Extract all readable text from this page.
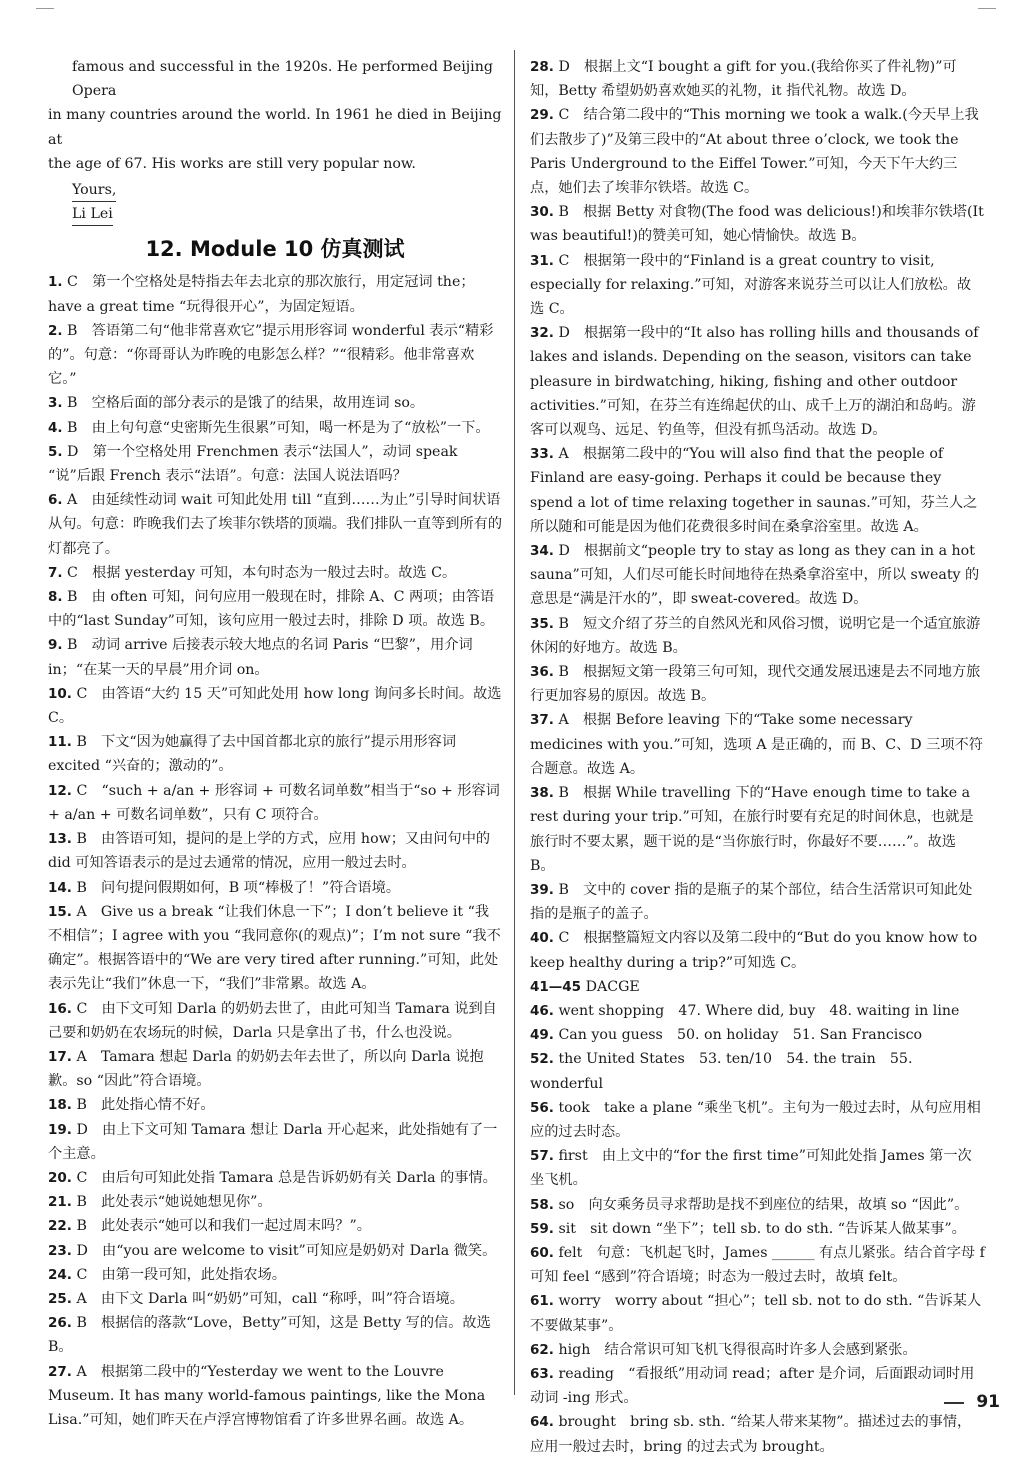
famous and successful in the 1920s. He performed Beijing Opera

in many countries around the world. In 1961 he died in Beijing at

the age of 67. His works are still very popular now.

Yours,

Li Lei

12. Module 10 仿真测试

1. C　第一个空格处是特指去年去北京的那次旅行，用定冠词 the；have a great time “玩得很开心”，为固定短语。

2. B　答语第二句“他非常喜欢它”提示用形容词 wonderful 表示“精彩的”。句意：“你哥哥认为昨晚的电影怎么样？”“很精彩。他非常喜欢它。”

3. B　空格后面的部分表示的是饿了的结果，故用连词 so。

4. B　由上句句意“史密斯先生很累”可知，喝一杯是为了“放松”一下。

5. D　第一个空格处用 Frenchmen 表示“法国人”，动词 speak “说”后跟 French 表示“法语”。句意：法国人说法语吗？

6. A　由延续性动词 wait 可知此处用 till “直到……为止”引导时间状语从句。句意：昨晚我们去了埃菲尔铁塔的顶端。我们排队一直等到所有的灯都亮了。

7. C　根据 yesterday 可知，本句时态为一般过去时。故选 C。

8. B　由 often 可知，问句应用一般现在时，排除 A、C 两项；由答语中的“last Sunday”可知，该句应用一般过去时，排除 D 项。故选 B。

9. B　动词 arrive 后接表示较大地点的名词 Paris “巴黎”，用介词 in；“在某一天的早晨”用介词 on。

10. C　由答语“大约 15 天”可知此处用 how long 询问多长时间。故选 C。

11. B　下文“因为她赢得了去中国首都北京的旅行”提示用形容词 excited “兴奋的；激动的”。

12. C　“such + a/an + 形容词 + 可数名词单数”相当于“so + 形容词 + a/an + 可数名词单数”，只有 C 项符合。

13. B　由答语可知，提问的是上学的方式，应用 how；又由问句中的 did 可知答语表示的是过去通常的情况，应用一般过去时。

14. B　问句提问假期如何，B 项“棒极了！”符合语境。

15. A　Give us a break “让我们休息一下”；I don’t believe it “我不相信”；I agree with you “我同意你(的观点)”；I’m not sure “我不确定”。根据答语中的“We are very tired after running.”可知，此处表示先让“我们”休息一下，“我们”非常累。故选 A。

16. C　由下文可知 Darla 的奶奶去世了，由此可知当 Tamara 说到自己要和奶奶在农场玩的时候，Darla 只是拿出了书，什么也没说。

17. A　Tamara 想起 Darla 的奶奶去年去世了，所以向 Darla 说抱歉。so “因此”符合语境。

18. B　此处指心情不好。

19. D　由上下文可知 Tamara 想让 Darla 开心起来，此处指她有了一个主意。

20. C　由后句可知此处指 Tamara 总是告诉奶奶有关 Darla 的事情。

21. B　此处表示“她说她想见你”。

22. B　此处表示“她可以和我们一起过周末吗？”。

23. D　由“you are welcome to visit”可知应是奶奶对 Darla 微笑。

24. C　由第一段可知，此处指农场。

25. A　由下文 Darla 叫“奶奶”可知，call “称呼，叫”符合语境。

26. B　根据信的落款“Love，Betty”可知，这是 Betty 写的信。故选 B。

27. A　根据第二段中的“Yesterday we went to the Louvre Museum. It has many world-famous paintings, like the Mona Lisa.”可知，她们昨天在卢浮宫博物馆看了许多世界名画。故选 A。

28. D　根据上文“I bought a gift for you.(我给你买了件礼物)”可知，Betty 希望奶奶喜欢她买的礼物，it 指代礼物。故选 D。

29. C　结合第二段中的“This morning we took a walk.(今天早上我们去散步了)”及第三段中的“At about three o’clock, we took the Paris Underground to the Eiffel Tower.”可知，今天下午大约三点，她们去了埃菲尔铁塔。故选 C。

30. B　根据 Betty 对食物(The food was delicious!)和埃菲尔铁塔(It was beautiful!)的赞美可知，她心情愉快。故选 B。

31. C　根据第一段中的“Finland is a great country to visit, especially for relaxing.”可知，对游客来说芬兰可以让人们放松。故选 C。

32. D　根据第一段中的“It also has rolling hills and thousands of lakes and islands. Depending on the season, visitors can take pleasure in birdwatching, hiking, fishing and other outdoor activities.”可知，在芬兰有连绵起伏的山、成千上万的湖泊和岛屿。游客可以观鸟、远足、钓鱼等，但没有抓鸟活动。故选 D。

33. A　根据第二段中的“You will also find that the people of Finland are easy-going. Perhaps it could be because they spend a lot of time relaxing together in saunas.”可知，芬兰人之所以随和可能是因为他们花费很多时间在桑拿浴室里。故选 A。

34. D　根据前文“people try to stay as long as they can in a hot sauna”可知，人们尽可能长时间地待在热桑拿浴室中，所以 sweaty 的意思是“满是汗水的”，即 sweat-covered。故选 D。

35. B　短文介绍了芬兰的自然风光和风俗习惯，说明它是一个适宜旅游休闲的好地方。故选 B。

36. B　根据短文第一段第三句可知，现代交通发展迅速是去不同地方旅行更加容易的原因。故选 B。

37. A　根据 Before leaving 下的“Take some necessary medicines with you.”可知，选项 A 是正确的，而 B、C、D 三项不符合题意。故选 A。

38. B　根据 While travelling 下的“Have enough time to take a rest during your trip.”可知，在旅行时要有充足的时间休息，也就是旅行时不要太累，题干说的是“当你旅行时，你最好不要……”。故选 B。

39. B　文中的 cover 指的是瓶子的某个部位，结合生活常识可知此处指的是瓶子的盖子。

40. C　根据整篇短文内容以及第二段中的“But do you know how to keep healthy during a trip?”可知选 C。

41—45 DACGE

46. went shopping　47. Where did, buy　48. waiting in line

49. Can you guess　50. on holiday　51. San Francisco

52. the United States　53. ten/10　54. the train　55. wonderful

56. took　take a plane “乘坐飞机”。主句为一般过去时，从句应用相应的过去时态。

57. first　由上文中的“for the first time”可知此处指 James 第一次坐飞机。

58. so　向女乘务员寻求帮助是找不到座位的结果，故填 so “因此”。

59. sit　sit down “坐下”；tell sb. to do sth. “告诉某人做某事”。

60. felt　句意：飞机起飞时，James ______ 有点儿紧张。结合首字母 f 可知 feel “感到”符合语境；时态为一般过去时，故填 felt。

61. worry　worry about “担心”；tell sb. not to do sth. “告诉某人不要做某事”。

62. high　结合常识可知飞机飞得很高时许多人会感到紧张。

63. reading　“看报纸”用动词 read；after 是介词，后面跟动词时用动词 -ing 形式。

64. brought　bring sb. sth. “给某人带来某物”。描述过去的事情，应用一般过去时，bring 的过去式为 brought。

91
